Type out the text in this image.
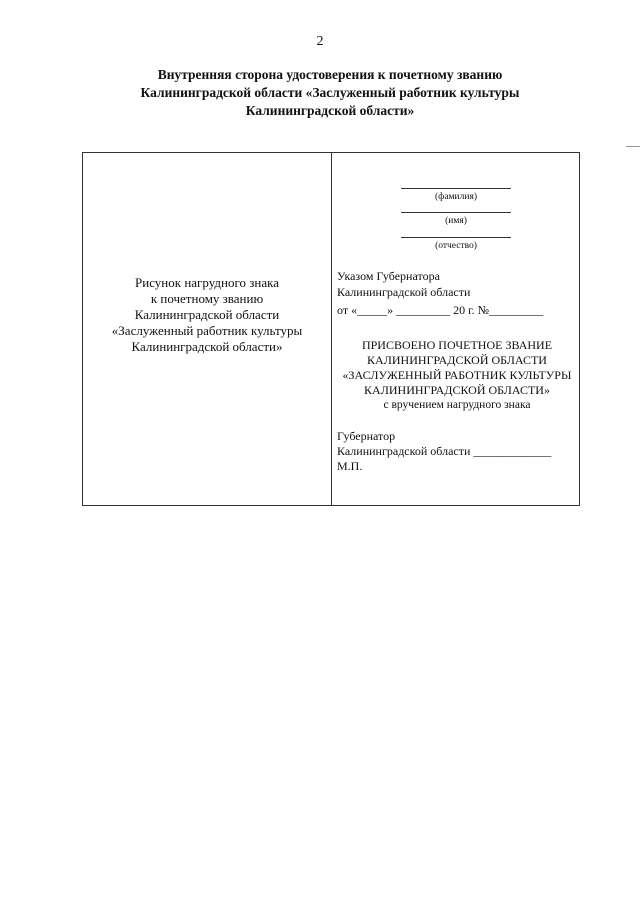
2
Внутренняя сторона удостоверения к почетному званию
Калининградской области «Заслуженный работник культуры
Калининградской области»
Рисунок нагрудного знака
к почетному званию
Калининградской области
«Заслуженный работник культуры
Калининградской области»
(фамилия)
(имя)
(отчество)
Указом Губернатора
Калининградской области
от «_____» _________ 20 г. №_________
ПРИСВОЕНО ПОЧЕТНОЕ ЗВАНИЕ
КАЛИНИНГРАДСКОЙ ОБЛАСТИ
«ЗАСЛУЖЕННЫЙ РАБОТНИК КУЛЬТУРЫ
КАЛИНИНГРАДСКОЙ ОБЛАСТИ»
с вручением нагрудного знака
Губернатор
Калининградской области _____________
М.П.
